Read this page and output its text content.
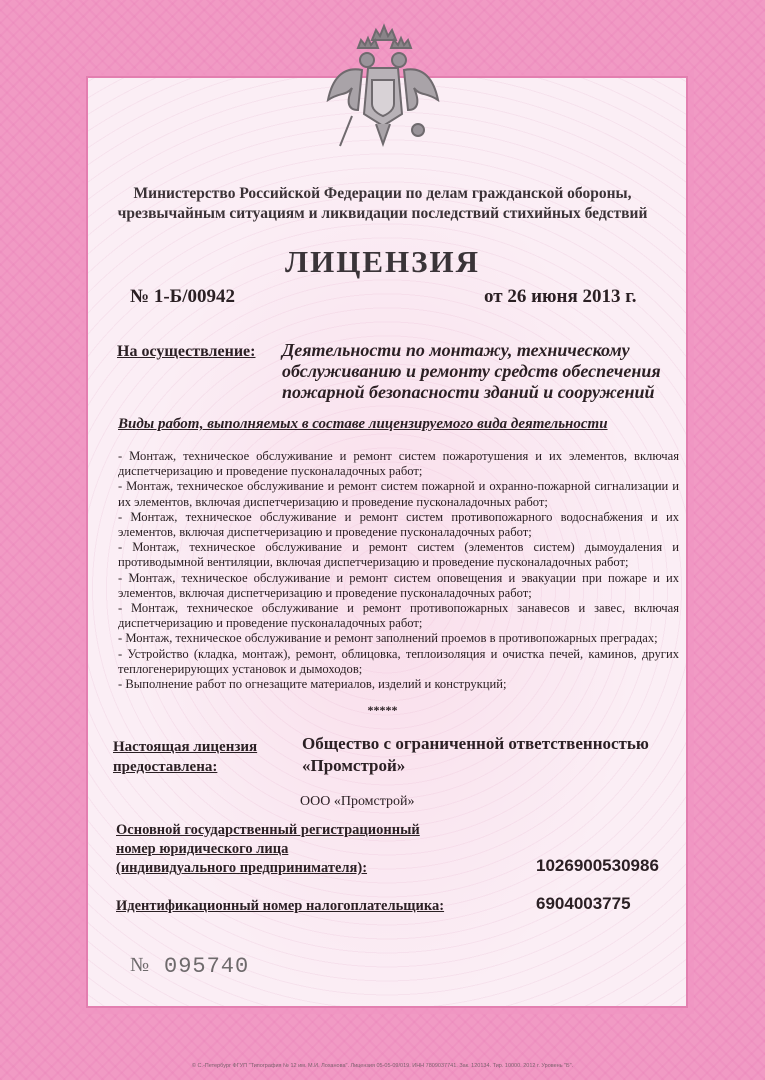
Министерство Российской Федерации по делам гражданской обороны,
чрезвычайным ситуациям и ликвидации последствий стихийных бедствий
ЛИЦЕНЗИЯ
№ 1-Б/00942	от 26 июня 2013 г.
На осуществление: Деятельности по монтажу, техническому обслуживанию и ремонту средств обеспечения пожарной безопасности зданий и сооружений
Виды работ, выполняемых в составе лицензируемого вида деятельности
- Монтаж, техническое обслуживание и ремонт систем пожаротушения и их элементов, включая диспетчеризацию и проведение пусконаладочных работ;
- Монтаж, техническое обслуживание и ремонт систем пожарной и охранно-пожарной сигнализации и их элементов, включая диспетчеризацию и проведение пусконаладочных работ;
- Монтаж, техническое обслуживание и ремонт систем противопожарного водоснабжения и их элементов, включая диспетчеризацию и проведение пусконаладочных работ;
- Монтаж, техническое обслуживание и ремонт систем (элементов систем) дымоудаления и противодымной вентиляции, включая диспетчеризацию и проведение пусконаладочных работ;
- Монтаж, техническое обслуживание и ремонт систем оповещения и эвакуации при пожаре и их элементов, включая диспетчеризацию и проведение пусконаладочных работ;
- Монтаж, техническое обслуживание и ремонт противопожарных занавесов и завес, включая диспетчеризацию и проведение пусконаладочных работ;
- Монтаж, техническое обслуживание и ремонт заполнений проемов в противопожарных преградах;
- Устройство (кладка, монтаж), ремонт, облицовка, теплоизоляция и очистка печей, каминов, других теплогенерирующих установок и дымоходов;
- Выполнение работ по огнезащите материалов, изделий и конструкций;
*****
Настоящая лицензия
предоставлена:
Общество с ограниченной ответственностью
«Промстрой»
ООО «Промстрой»
Основной государственный регистрационный
номер юридического лица
(индивидуального предпринимателя):	1026900530986
Идентификационный номер налогоплательщика:	6904003775
№ 095740
© С.-Петербург ФГУП "Типография № 12 им. М.И. Лоханова". Лицензия 05-05-09/019. ИНН 7809037741. Зак. 120134. Тир. 10000. 2012 г. Уровень "Б".
